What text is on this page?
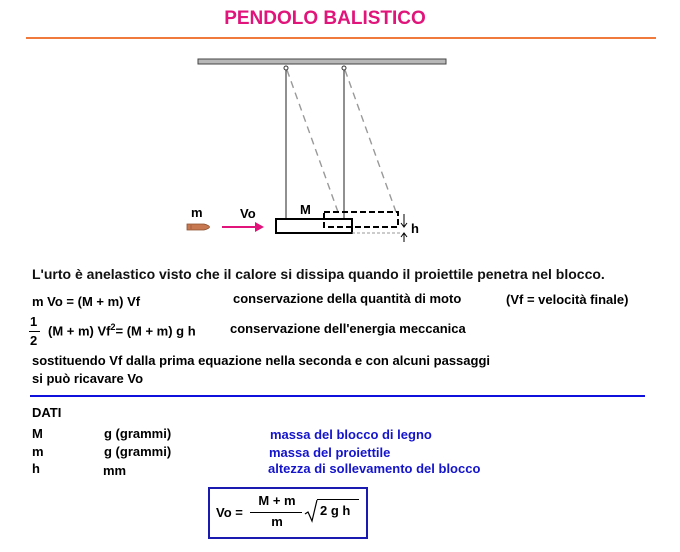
PENDOLO BALISTICO
m	Vo	M
h
L'urto è anelastico visto che il calore si dissipa quando il proiettile penetra nel blocco.
m Vo = (M + m) Vf	conservazione della quantità di moto	(Vf = velocità finale)
1
2
(M + m) $Vf^2= (M + m)$ g h	conservazione dell'energia meccanica
sostituendo Vf dalla prima equazione nella seconda e con alcuni passaggi
si può ricavare Vo
DATI
M	g (grammi)	massa del blocco di legno
m	g (grammi)	massa del proiettile
h	mm	altezza di sollevamento del blocco
Vo =
M + m
m
2 g h
